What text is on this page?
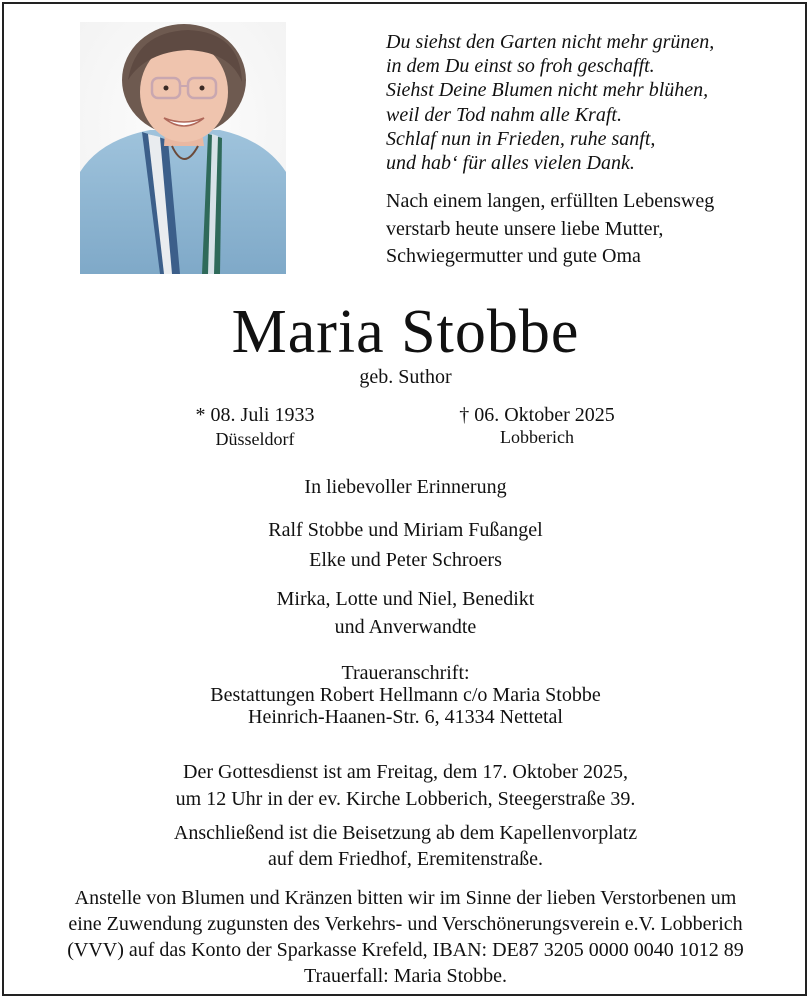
Du siehst den Garten nicht mehr grünen,
in dem Du einst so froh geschafft.
Siehst Deine Blumen nicht mehr blühen,
weil der Tod nahm alle Kraft.
Schlaf nun in Frieden, ruhe sanft,
und hab‘ für alles vielen Dank.
Nach einem langen, erfüllten Lebensweg
verstarb heute unsere liebe Mutter,
Schwiegermutter und gute Oma
Maria Stobbe
geb. Suthor
* 08. Juli 1933
Düsseldorf
† 06. Oktober 2025
Lobberich
In liebevoller Erinnerung
Ralf Stobbe und Miriam Fußangel
Elke und Peter Schroers
Mirka, Lotte und Niel, Benedikt
und Anverwandte
Traueranschrift:
Bestattungen Robert Hellmann c/o Maria Stobbe
Heinrich-Haanen-Str. 6, 41334 Nettetal
Der Gottesdienst ist am Freitag, dem 17. Oktober 2025,
um 12 Uhr in der ev. Kirche Lobberich, Steegerstraße 39.
Anschließend ist die Beisetzung ab dem Kapellenvorplatz
auf dem Friedhof, Eremitenstraße.
Anstelle von Blumen und Kränzen bitten wir im Sinne der lieben Verstorbenen um
eine Zuwendung zugunsten des Verkehrs- und Verschönerungsverein e.V. Lobberich
(VVV) auf das Konto der Sparkasse Krefeld, IBAN: DE87 3205 0000 0040 1012 89
Trauerfall: Maria Stobbe.
